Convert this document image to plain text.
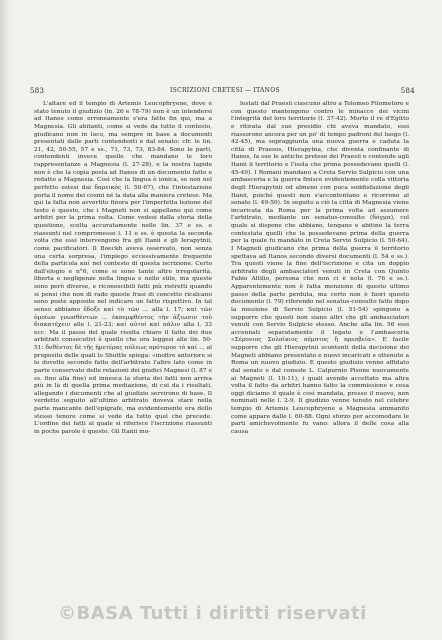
583	ISCRIZIONI CRETESI — ITANOS	584

L'altare ed il tempio di Artemis Leucophryene, dove è stato tenuto il giudizio (ln. 26 e 78-79) non è un intendersi ad Itanos come erroneamente s'era fatto fin qui, ma a Magnesia. Gli abitanti, come si vede da tutto il contesto, giudicano non in loco, ma sempre in base a documenti presentati dalle parti contendenti e dal senato: cfr. le lin. 21, 42, 50-55, 57 e ss., 71, 73, 73, 83-84. Sono le parti, contendenti invece quelle che mandano le loro rappresentanze a Magnesia (l. 27-28), e la nostra lapide non è che la copia posta ad Itanos di un documento fatto e redatto a Magnesia. Così che la lingua è ionica, se non nel perfetto estesi dai δαρεικός (l. 50-67), che l'intestazione porta il nome dei cosmi né la data alla maniera cretese. Ma qui la falta non avvertito finora per l'imperfetta lezione del testo è questo, che i Magneti non si appellano qui come arbitri per la prima volta. Come vedesi dalla storia della questione, scelta accuratamente nelle lin. 37 e ss. e riassunti nel compromesso l. 11 e ss. è questa la seconda volta che essi intervengono fra gli Itanii e gli Ierapytnii, come pacificatori. Il Boeckh aveva osservato, non senza una certa sorpresa, l'impiego eccessivamente frequente della particola καί nel contesto di questa iscrizione. Certo dall'elogio e n°6, come si sono tante altre irregolarità, liberta e negligenze nella lingua e nello stile, ma queste sono però diverse, e riconoscibili fatti più ristretti quando si pensi che non di rado queste frasi di concetto ricalcano sono poste apposite nel indicare un fatto rispettivo. In tal senso abbiamo ἔδοξε καί τὸ τῶν ... alla l. 17; καί τῶν ὁμοίων γνωσθέντων ... ἐκπεμφθέντος τὴν ἀξιωσιν τοῦ διακατέχειν alle l. 21-23; καί αὐτοί καί πάλιν alla l. 33 ecc. Ma il passo del quale risulta chiaro il fatto dei due arbitrati consecutivi è quello che ora leggesi alle lin. 50-51: δοθέντος δὲ τῆς ἡμετέρας πόλεως πρότερον τὸ καί ... al proposito delle quali lo Shuttle spiega: «inoltre anteriore si lo dovette secondo fatto dell'arbitrato l'altro lato come in parte conservato delle relazioni dei giudici Magnesi (l. 87 e ss. fino alla fine) ed innesca la storia dei fatti non arriva più in là di quella prima mediazione, di cui da i risultati, allegando i documenti che al giudizio servirono di base. Il verdetto seguito all'ultimo arbitrato doveva stare nella parte mancante dell'epigrafe, ma evidentemente era dello stesso tenore come si vede da tutto quel che precede. L'ordine dei fatti al quale si riferisce l'iscrizione riassunti in poche parole è questo. Gli Itanii mo-

lestati dal Praesii ciascuno altro a Tolomeo Filometore e con questo mantengono contro le minacce dei vicini l'integrità del loro territorio (l. 37-42). Morto il re d'Egitto e ritirata dal suo presidio chi aveva mandato, essi riassorono ancora per un po' di tempo padroni del luogo (l. 42-45), ma sopraggiunta una nuova guerra e caduta la città di Praesos, Hierapytna, che diventa confinante di Itanos, fa sue le antiche pretese dei Praesii e contende agli Itanii il territorio e l'isola che prima possedevano quelli (l. 45-49). I Romani mandano a Creta Servio Sulpicio con una ambasceria e la guerra finisce evidentemente colla vittoria degli Hierapytnii od almeno con poca soddisfazione degli Itanii, poiché questi non s'accontentano e ricorrono al senato (l. 49-50). In seguito a ciò la città di Magnesia viene incaricata da Roma per la prima volta ad assumere l'arbitrato, mediante un senatus-consulto (δόγμα), col quale si dispone che abbiano, tengano e abitino la terra contestata quelli che la possedevano prima della guerra per la quale fu mandato in Creta Servio Sulpicio (l. 50-64). I Magneti giudicano che prima della guerra il territorio spettava ad Itanos secondo diversi documenti (l. 54 e ss.). Tra questi viene la fine dell'iscrizione e cita un doppio arbitrato degli ambasciatori venuti in Creta con Quinto Fabio Altilio, persona che non ci è nota (l. 76 e ss.). Apparentemente non è fatta menzione di questo ultimo passo della parte perduta, ma certo non è fuori questo documento (l. 79) riferendo nel senatus-consulto fatto dopo la missione di Servio Sulpicio (l. 51-54) spingono a supporre che questi non siano altri che gli ambasciatori venuti con Servio Sulpicio stesso. Anche alla lin. 56 essi accennati separatamente il legato e l'ambasceria «Σέρουιος Σολπίκιος πέμπτος ἢ πρεσβεία». E facile supporre che gli Hierapytnii scontenti della decisione dei Magneti abbiano presentato e nuovi incaricati e ottenuto a Roma un nuovo giudizio. E questo giudizio venne affidato dal senato e dal console L. Calpurnio Pisone nuovamente ai Magneti (l. 10-11), i quali avendo accettato ma altra volta il fatto da arbitri hanno fatto la commissione e cosa oggi diciamo il quale è così mandata, presso il nuovo, non nominati nelle l. 2-9. Il giudizio venne tenuto nel celebre tempio di Artemis Leucophryene a Magnesia ammanito come appare dalle l. 60-88. Ogni sforzo per accomodare le parti amichevolmente fu vano: allora il delle cosa alla causa

©BASA Tutti i diritti riservati
